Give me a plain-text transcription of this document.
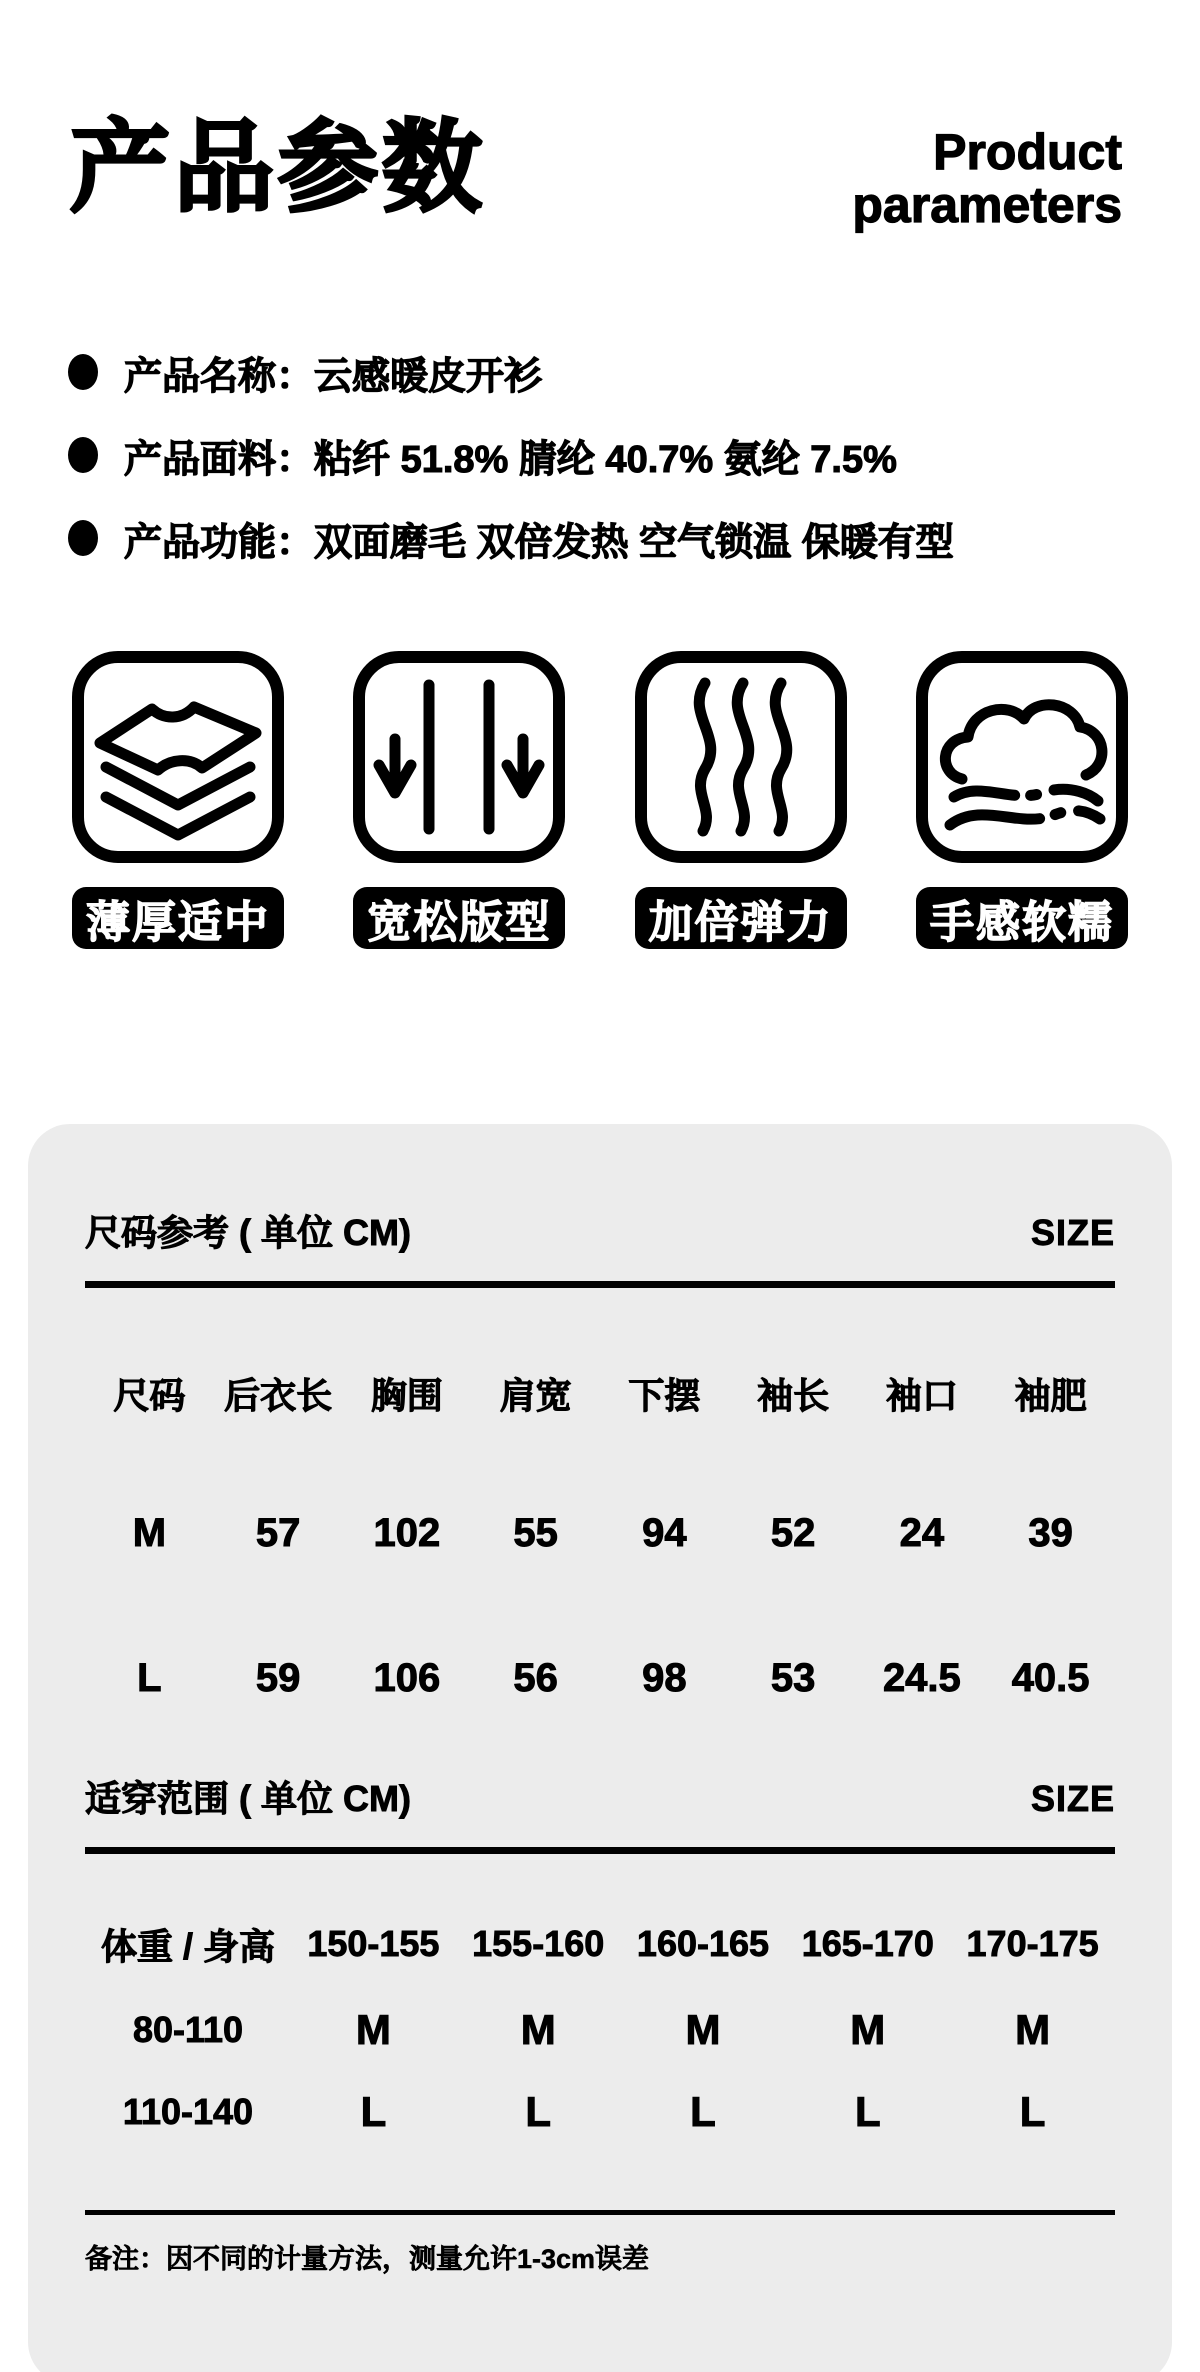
产品参数	Product
parameters
产品名称： 云感暖皮开衫
产品面料： 粘纤 51.8% 腈纶 40.7% 氨纶 7.5%
产品功能： 双面磨毛 双倍发热 空气锁温 保暖有型
薄厚适中	宽松版型	加倍弹力	手感软糯
尺码参考 ( 单位 CM)	SIZE
尺码 后衣长 胸围 肩宽 下摆 袖长 袖口 袖肥
M 57 102 55 94 52 24 39
L 59 106 56 98 53 24.5 40.5
适穿范围 ( 单位 CM)	SIZE
体重 / 身高 150-155 155-160 160-165 165-170 170-175
80-110	M	M	M	M	M
110-140	L	L	L	L	L
备注：因不同的计量方法，测量允许1-3cm误差
